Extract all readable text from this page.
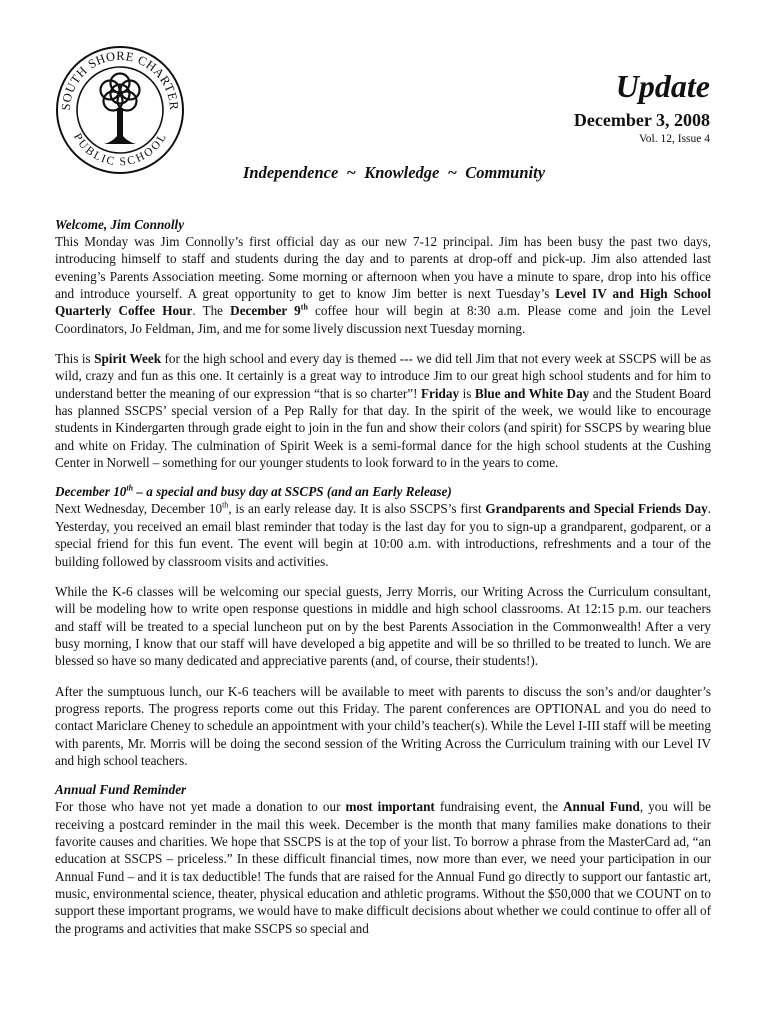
SOUTH SHORE CHARTER
PUBLIC SCHOOL
Update
December 3, 2008
Vol. 12, Issue 4
Independence  ~  Knowledge  ~  Community

Welcome, Jim Connolly

This Monday was Jim Connolly’s first official day as our new 7-12 principal. Jim has been busy the past two days, introducing himself to staff and students during the day and to parents at drop-off and pick-up. Jim also attended last evening’s Parents Association meeting. Some morning or afternoon when you have a minute to spare, drop into his office and introduce yourself. A great opportunity to get to know Jim better is next Tuesday’s Level IV and High School Quarterly Coffee Hour. The December 9th coffee hour will begin at 8:30 a.m. Please come and join the Level Coordinators, Jo Feldman, Jim, and me for some lively discussion next Tuesday morning.

This is Spirit Week for the high school and every day is themed --- we did tell Jim that not every week at SSCPS will be as wild, crazy and fun as this one. It certainly is a great way to introduce Jim to our great high school students and for him to understand better the meaning of our expression “that is so charter”! Friday is Blue and White Day and the Student Board has planned SSCPS’ special version of a Pep Rally for that day. In the spirit of the week, we would like to encourage students in Kindergarten through grade eight to join in the fun and show their colors (and spirit) for SSCPS by wearing blue and white on Friday. The culmination of Spirit Week is a semi-formal dance for the high school students at the Cushing Center in Norwell – something for our younger students to look forward to in the years to come.

December 10th – a special and busy day at SSCPS (and an Early Release)

Next Wednesday, December 10th, is an early release day. It is also SSCPS’s first Grandparents and Special Friends Day. Yesterday, you received an email blast reminder that today is the last day for you to sign-up a grandparent, godparent, or a special friend for this fun event. The event will begin at 10:00 a.m. with introductions, refreshments and a tour of the building followed by classroom visits and activities.

While the K-6 classes will be welcoming our special guests, Jerry Morris, our Writing Across the Curriculum consultant, will be modeling how to write open response questions in middle and high school classrooms. At 12:15 p.m. our teachers and staff will be treated to a special luncheon put on by the best Parents Association in the Commonwealth! After a very busy morning, I know that our staff will have developed a big appetite and will be so thrilled to be treated to lunch. We are blessed so have so many dedicated and appreciative parents (and, of course, their students!).

After the sumptuous lunch, our K-6 teachers will be available to meet with parents to discuss the son’s and/or daughter’s progress reports. The progress reports come out this Friday. The parent conferences are OPTIONAL and you do need to contact Mariclare Cheney to schedule an appointment with your child’s teacher(s). While the Level I-III staff will be meeting with parents, Mr. Morris will be doing the second session of the Writing Across the Curriculum training with our Level IV and high school teachers.

Annual Fund Reminder

For those who have not yet made a donation to our most important fundraising event, the Annual Fund, you will be receiving a postcard reminder in the mail this week. December is the month that many families make donations to their favorite causes and charities. We hope that SSCPS is at the top of your list. To borrow a phrase from the MasterCard ad, “an education at SSCPS – priceless.” In these difficult financial times, now more than ever, we need your participation in our Annual Fund – and it is tax deductible! The funds that are raised for the Annual Fund go directly to support our fantastic art, music, environmental science, theater, physical education and athletic programs. Without the $50,000 that we COUNT on to support these important programs, we would have to make difficult decisions about whether we could continue to offer all of the programs and activities that make SSCPS so special and
